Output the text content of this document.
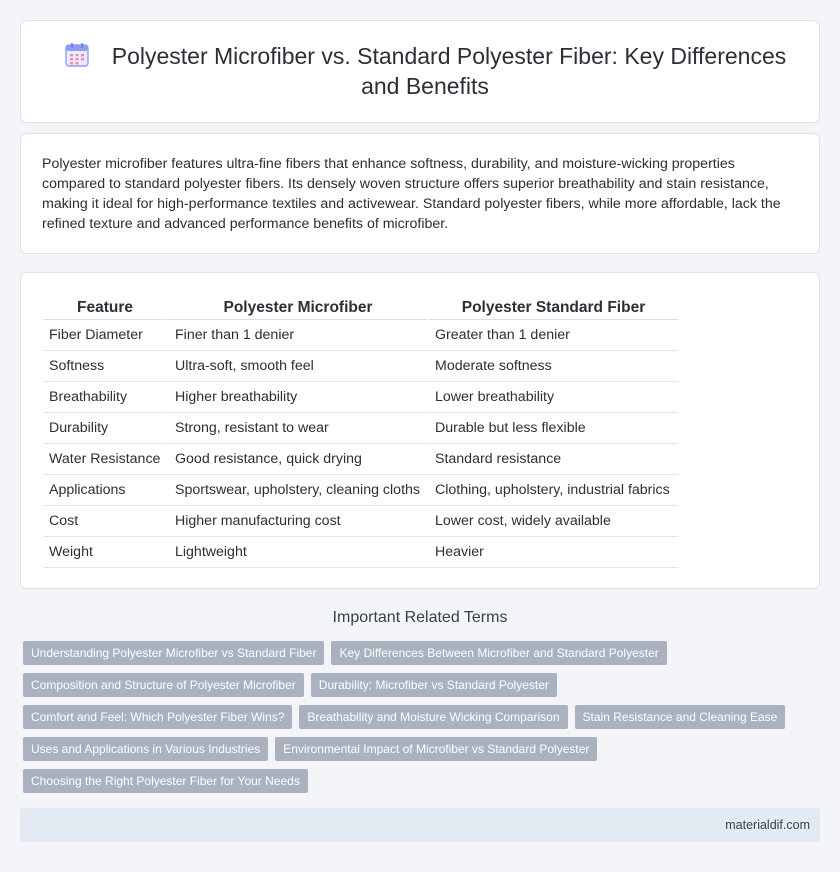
Polyester Microfiber vs. Standard Polyester Fiber: Key Differences and Benefits

Polyester microfiber features ultra-fine fibers that enhance softness, durability, and moisture-wicking properties compared to standard polyester fibers. Its densely woven structure offers superior breathability and stain resistance, making it ideal for high-performance textiles and activewear. Standard polyester fibers, while more affordable, lack the refined texture and advanced performance benefits of microfiber.

Feature	Polyester Microfiber	Polyester Standard Fiber
Fiber Diameter	Finer than 1 denier	Greater than 1 denier
Softness	Ultra-soft, smooth feel	Moderate softness
Breathability	Higher breathability	Lower breathability
Durability	Strong, resistant to wear	Durable but less flexible
Water Resistance	Good resistance, quick drying	Standard resistance
Applications	Sportswear, upholstery, cleaning cloths	Clothing, upholstery, industrial fabrics
Cost	Higher manufacturing cost	Lower cost, widely available
Weight	Lightweight	Heavier
Important Related Terms
Understanding Polyester Microfiber vs Standard Fiber	Key Differences Between Microfiber and Standard Polyester
Composition and Structure of Polyester Microfiber	Durability: Microfiber vs Standard Polyester
Comfort and Feel: Which Polyester Fiber Wins?	Breathability and Moisture Wicking Comparison	Stain Resistance and Cleaning Ease
Uses and Applications in Various Industries	Environmental Impact of Microfiber vs Standard Polyester
Choosing the Right Polyester Fiber for Your Needs
materialdif.com
